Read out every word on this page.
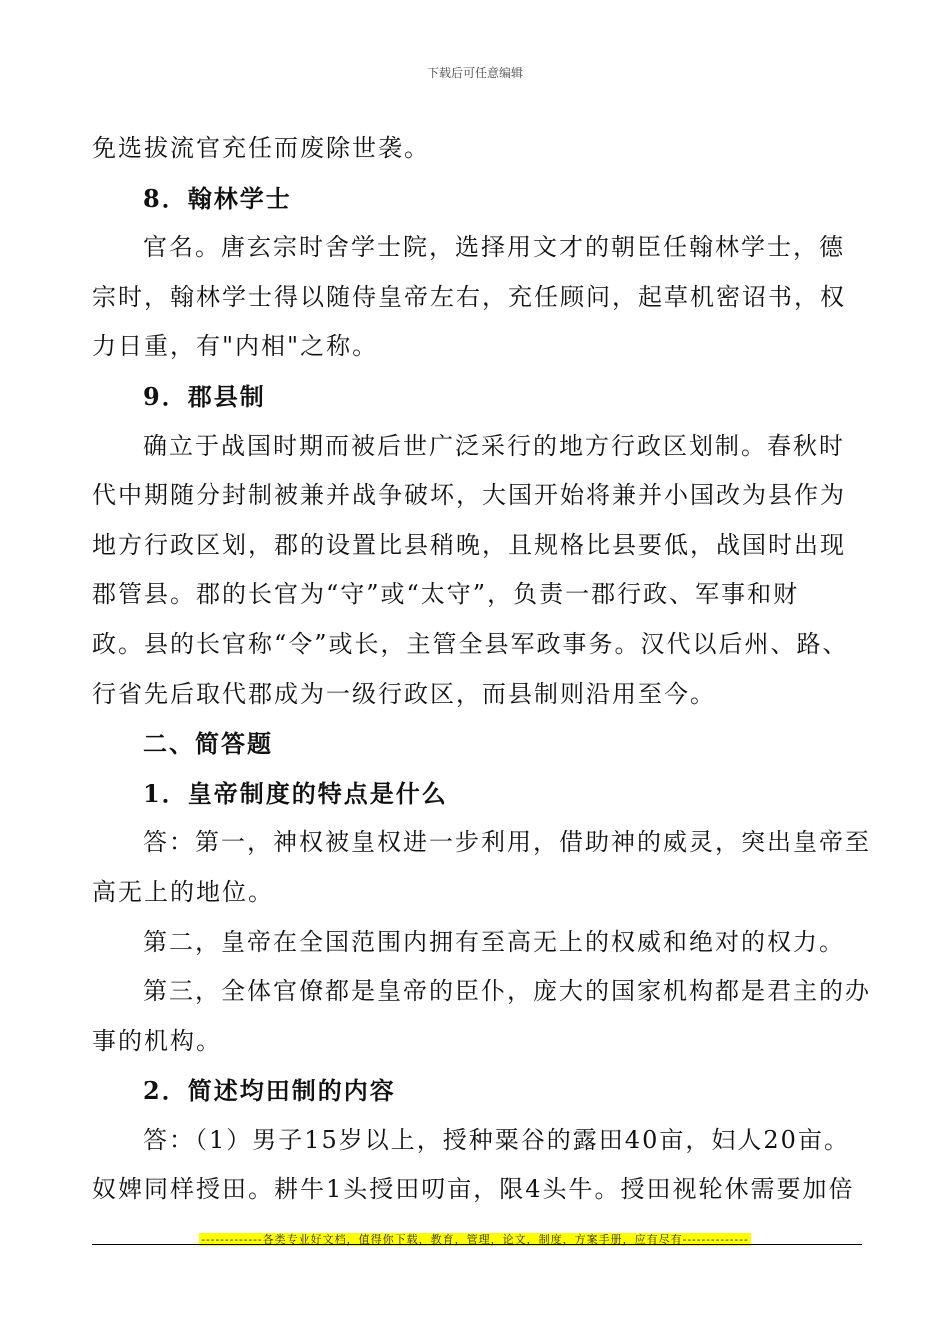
下载后可任意编辑
免选拔流官充任而废除世袭。
8．翰林学士
官名。唐玄宗时舍学士院，选择用文才的朝臣任翰林学士，德
宗时，翰林学士得以随侍皇帝左右，充任顾问，起草机密诏书，权
力日重，有"内相"之称。
9．郡县制
确立于战国时期而被后世广泛采行的地方行政区划制。春秋时
代中期随分封制被兼并战争破坏，大国开始将兼并小国改为县作为
地方行政区划，郡的设置比县稍晚，且规格比县要低，战国时出现
郡管县。郡的长官为“守”或“太守”，负责一郡行政、军事和财
政。县的长官称“令”或长，主管全县军政事务。汉代以后州、路、
行省先后取代郡成为一级行政区，而县制则沿用至今。
二、简答题
1．皇帝制度的特点是什么
答：第一，神权被皇权进一步利用，借助神的威灵，突出皇帝至
高无上的地位。
第二，皇帝在全国范围内拥有至高无上的权威和绝对的权力。
第三，全体官僚都是皇帝的臣仆，庞大的国家机构都是君主的办
事的机构。
2．简述均田制的内容
答：（1）男子15岁以上，授种粟谷的露田40亩，妇人20亩。
奴婢同样授田。耕牛1头授田叨亩，限4头牛。授田视轮休需要加倍
-------------各类专业好文档，值得你下载，教育，管理，论文，制度，方案手册，应有尽有--------------
